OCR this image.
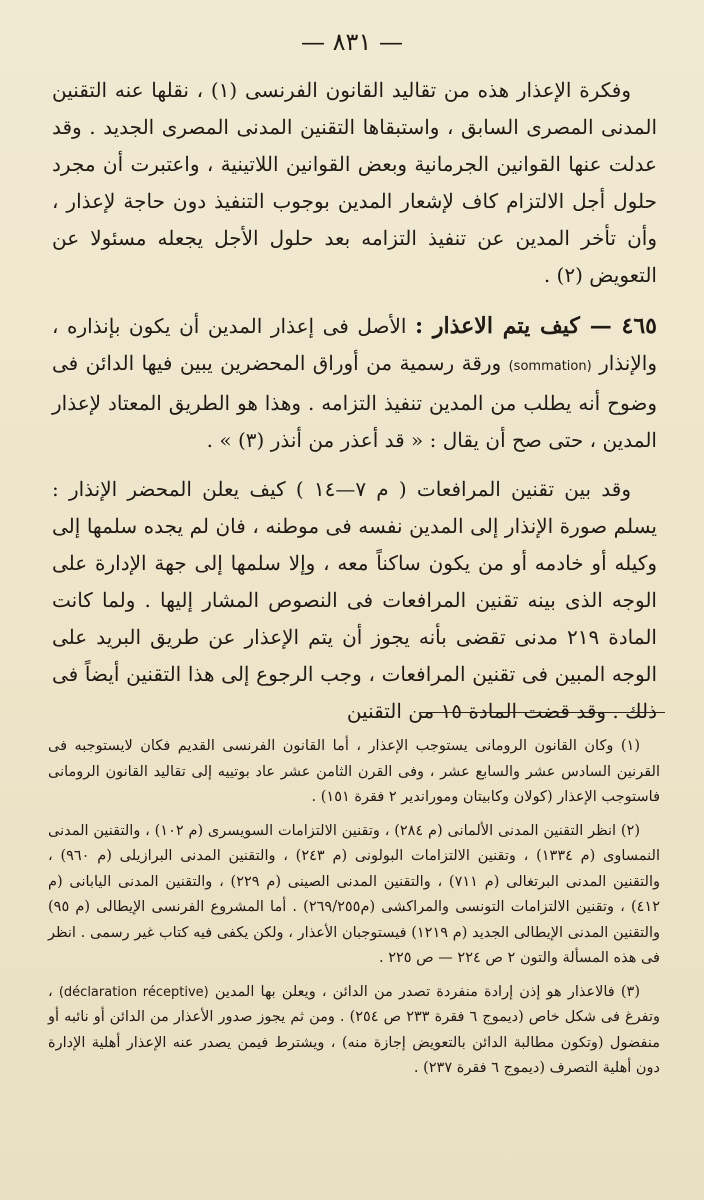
— ٨٣١ —

وفكرة الإعذار هذه من تقاليد القانون الفرنسى (١) ، نقلها عنه التقنين المدنى المصرى السابق ، واستبقاها التقنين المدنى المصرى الجديد . وقد عدلت عنها القوانين الجرمانية وبعض القوانين اللاتينية ، واعتبرت أن مجرد حلول أجل الالتزام كاف لإشعار المدين بوجوب التنفيذ دون حاجة لإعذار ، وأن تأخر المدين عن تنفيذ التزامه بعد حلول الأجل يجعله مسئولا عن التعويض (٢) .

٤٦٥ — كيف يتم الاعذار : الأصل فى إعذار المدين أن يكون بإنذاره ، والإنذار (sommation) ورقة رسمية من أوراق المحضرين يبين فيها الدائن فى وضوح أنه يطلب من المدين تنفيذ التزامه . وهذا هو الطريق المعتاد لإعذار المدين ، حتى صح أن يقال : « قد أعذر من أنذر (٣) » .

وقد بين تقنين المرافعات ( م ٧—١٤ ) كيف يعلن المحضر الإنذار : يسلم صورة الإنذار إلى المدين نفسه فى موطنه ، فان لم يجده سلمها إلى وكيله أو خادمه أو من يكون ساكناً معه ، وإلا سلمها إلى جهة الإدارة على الوجه الذى بينه تقنين المرافعات فى النصوص المشار إليها . ولما كانت المادة ٢١٩ مدنى تقضى بأنه يجوز أن يتم الإعذار عن طريق البريد على الوجه المبين فى تقنين المرافعات ، وجب الرجوع إلى هذا التقنين أيضاً فى ذلك . وقد قضت المادة ١٥ من التقنين

(١) وكان القانون الرومانى يستوجب الإعذار ، أما القانون الفرنسى القديم فكان لايستوجبه فى القرنين السادس عشر والسابع عشر ، وفى القرن الثامن عشر عاد بوتييه إلى تقاليد القانون الرومانى فاستوجب الإعذار (كولان وكابيتان وموراندير ٢ فقرة ١٥١) .

(٢) انظر التقنين المدنى الألمانى (م ٢٨٤) ، وتقنين الالتزامات السويسرى (م ١٠٢) ، والتقنين المدنى النمساوى (م ١٣٣٤) ، وتقنين الالتزامات البولونى (م ٢٤٣) ، والتقنين المدنى البرازيلى (م ٩٦٠) ، والتقنين المدنى البرتغالى (م ٧١١) ، والتقنين المدنى الصينى (م ٢٢٩) ، والتقنين المدنى اليابانى (م ٤١٢) ، وتقنين الالتزامات التونسى والمراكشى (م٢٦٩/٢٥٥) . أما المشروع الفرنسى الإيطالى (م ٩٥) والتقنين المدنى الإيطالى الجديد (م ١٢١٩) فيستوجبان الأعذار ، ولكن يكفى فيه كتاب غير رسمى . انظر فى هذه المسألة والتون ٢ ص ٢٢٤ — ص ٢٢٥ .

(٣) فالاعذار هو إذن إرادة منفردة تصدر من الدائن ، ويعلن بها المدين (déclaration réceptive) ، وتفرغ فى شكل خاص (ديموج ٦ فقرة ٢٣٣ ص ٢٥٤) . ومن ثم يجوز صدور الأعذار من الدائن أو نائبه أو منفضول (وتكون مطالبة الدائن بالتعويض إجازة منه) ، ويشترط فيمن يصدر عنه الإعذار أهلية الإدارة دون أهلية التصرف (ديموج ٦ فقرة ٢٣٧) .
